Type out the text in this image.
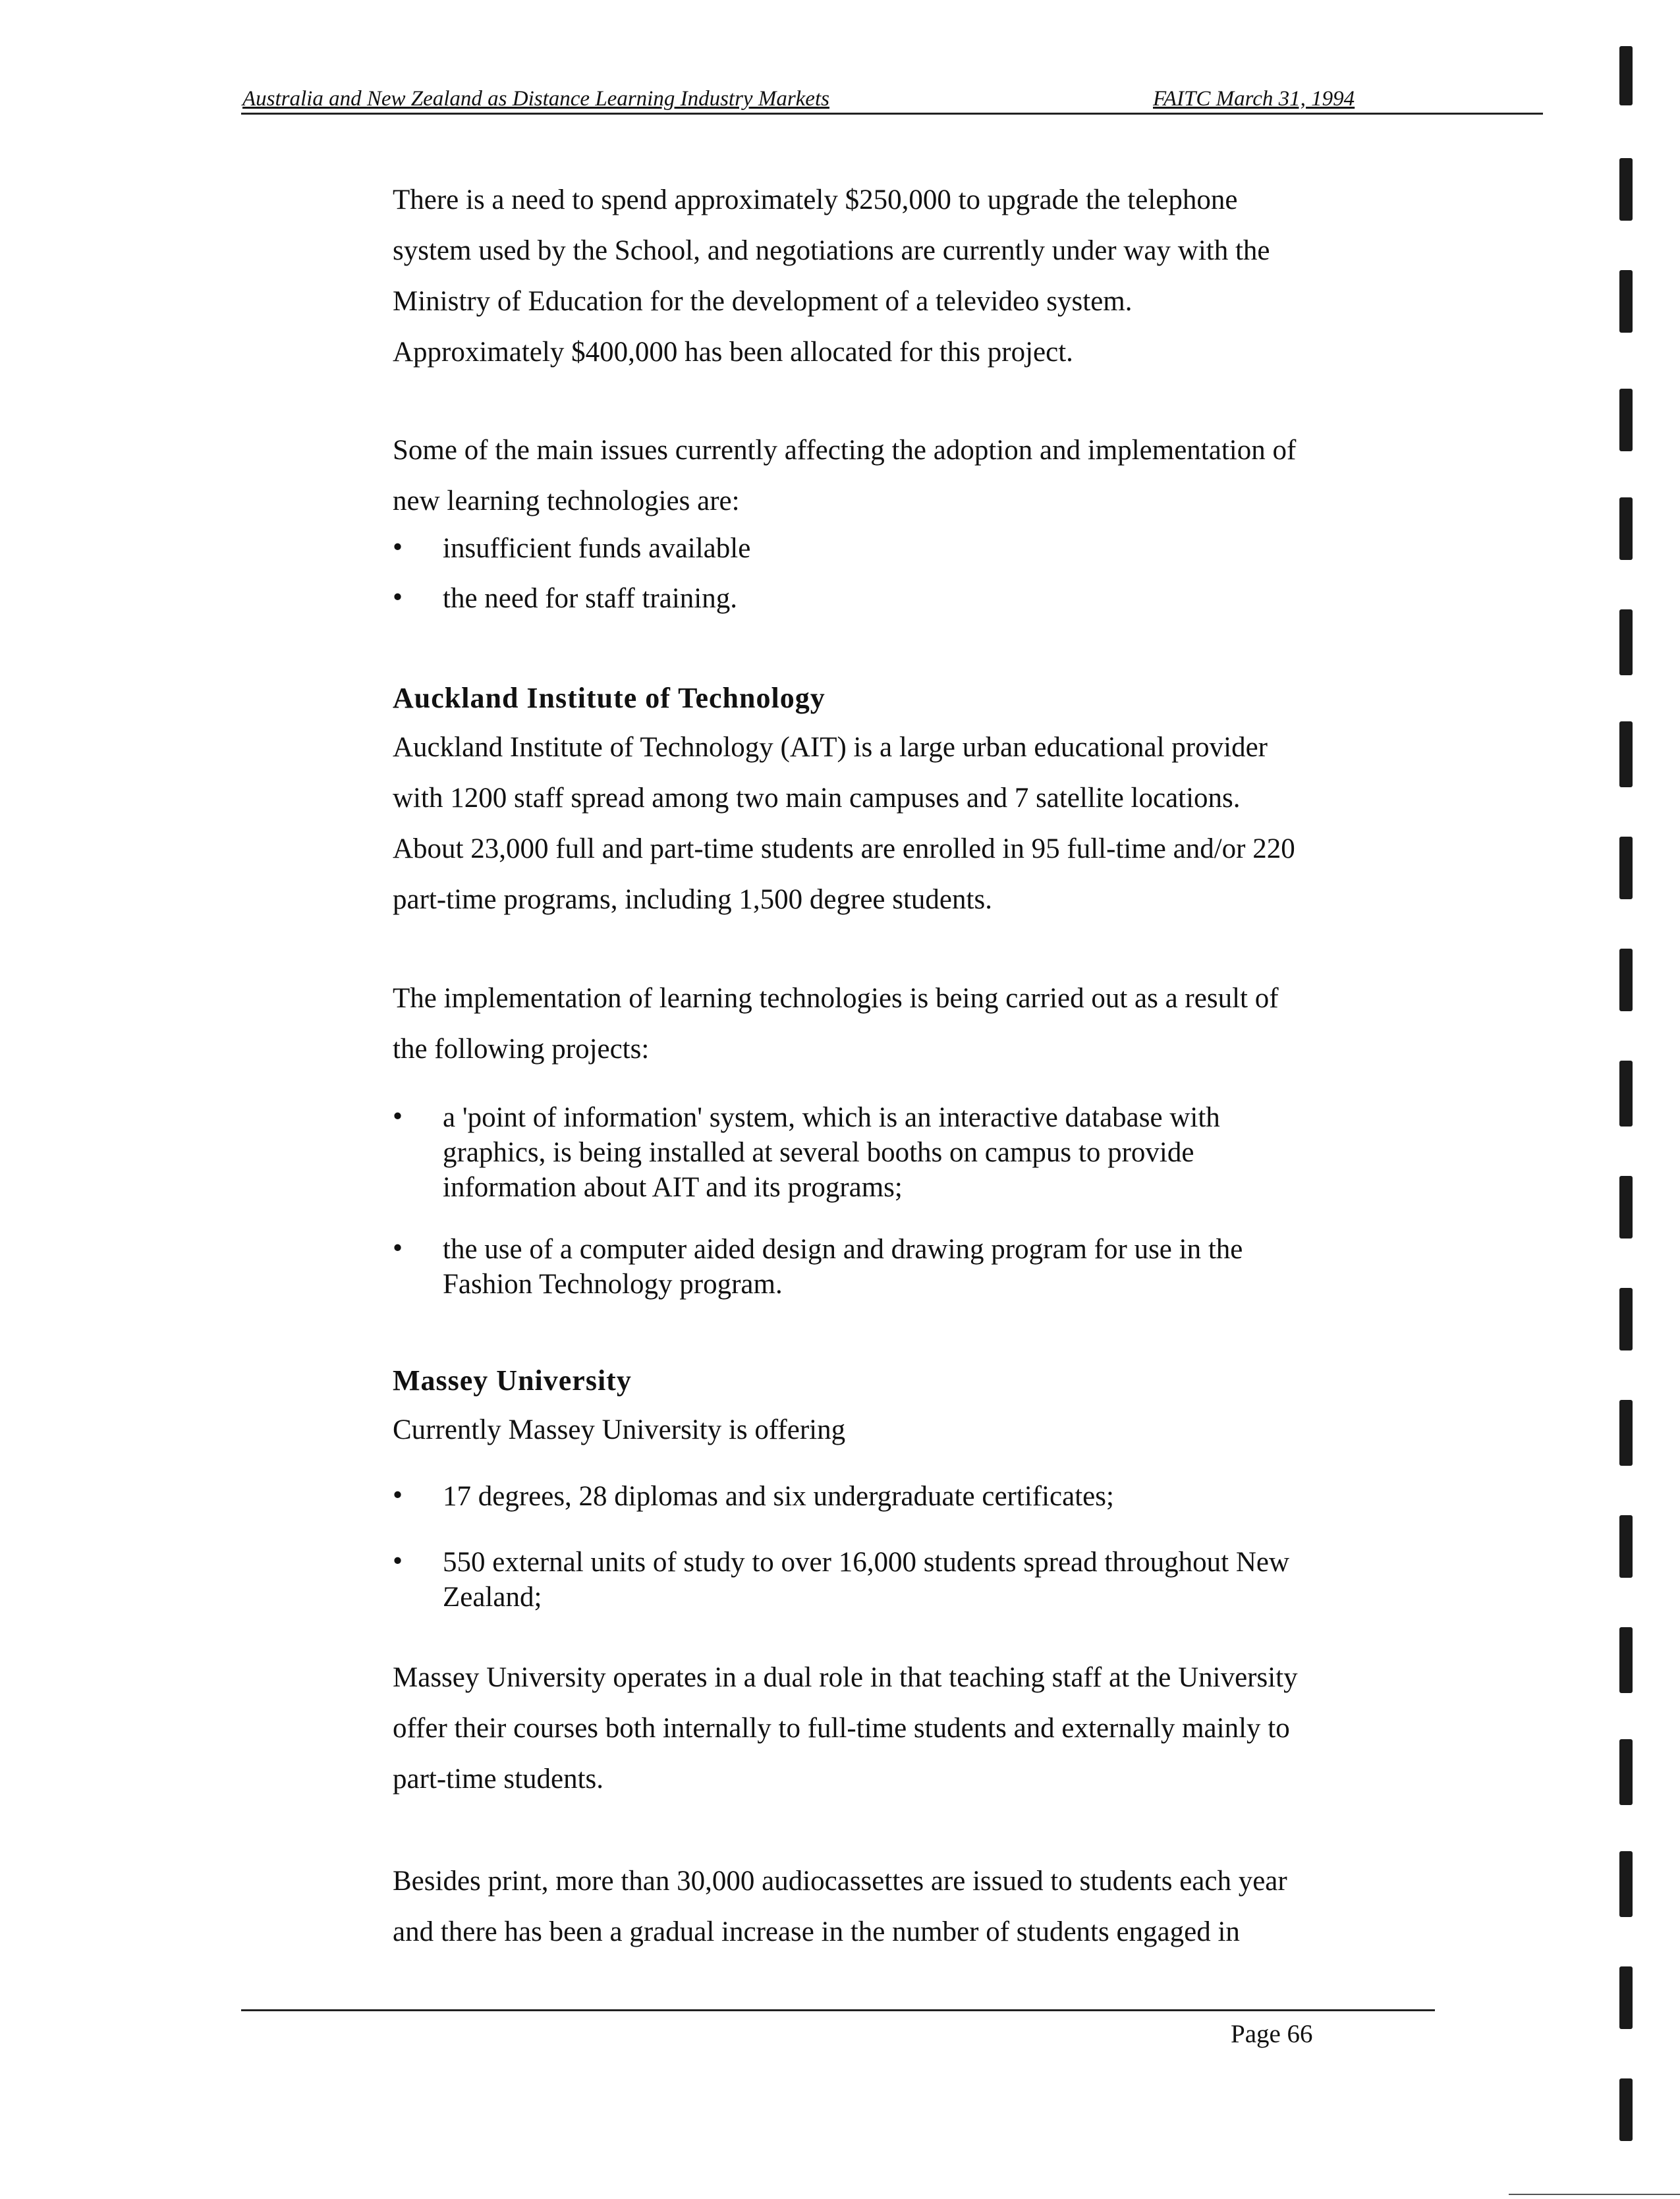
Australia and New Zealand as Distance Learning Industry Markets	FAITC March 31, 1994
There is a need to spend approximately $250,000 to upgrade the telephone
system used by the School, and negotiations are currently under way with the
Ministry of Education for the development of a televideo system.
Approximately $400,000 has been allocated for this project.
Some of the main issues currently affecting the adoption and implementation of
new learning technologies are:
•	insufficient funds available
•	the need for staff training.
Auckland Institute of Technology
Auckland Institute of Technology (AIT) is a large urban educational provider
with 1200 staff spread among two main campuses and 7 satellite locations.
About 23,000 full and part-time students are enrolled in 95 full-time and/or 220
part-time programs, including 1,500 degree students.
The implementation of learning technologies is being carried out as a result of
the following projects:
•	a 'point of information' system, which is an interactive database with
graphics, is being installed at several booths on campus to provide
information about AIT and its programs;
•	the use of a computer aided design and drawing program for use in the
Fashion Technology program.
Massey University
Currently Massey University is offering
•	17 degrees, 28 diplomas and six undergraduate certificates;
•	550 external units of study to over 16,000 students spread throughout New
Zealand;
Massey University operates in a dual role in that teaching staff at the University
offer their courses both internally to full-time students and externally mainly to
part-time students.
Besides print, more than 30,000 audiocassettes are issued to students each year
and there has been a gradual increase in the number of students engaged in
Page 66
